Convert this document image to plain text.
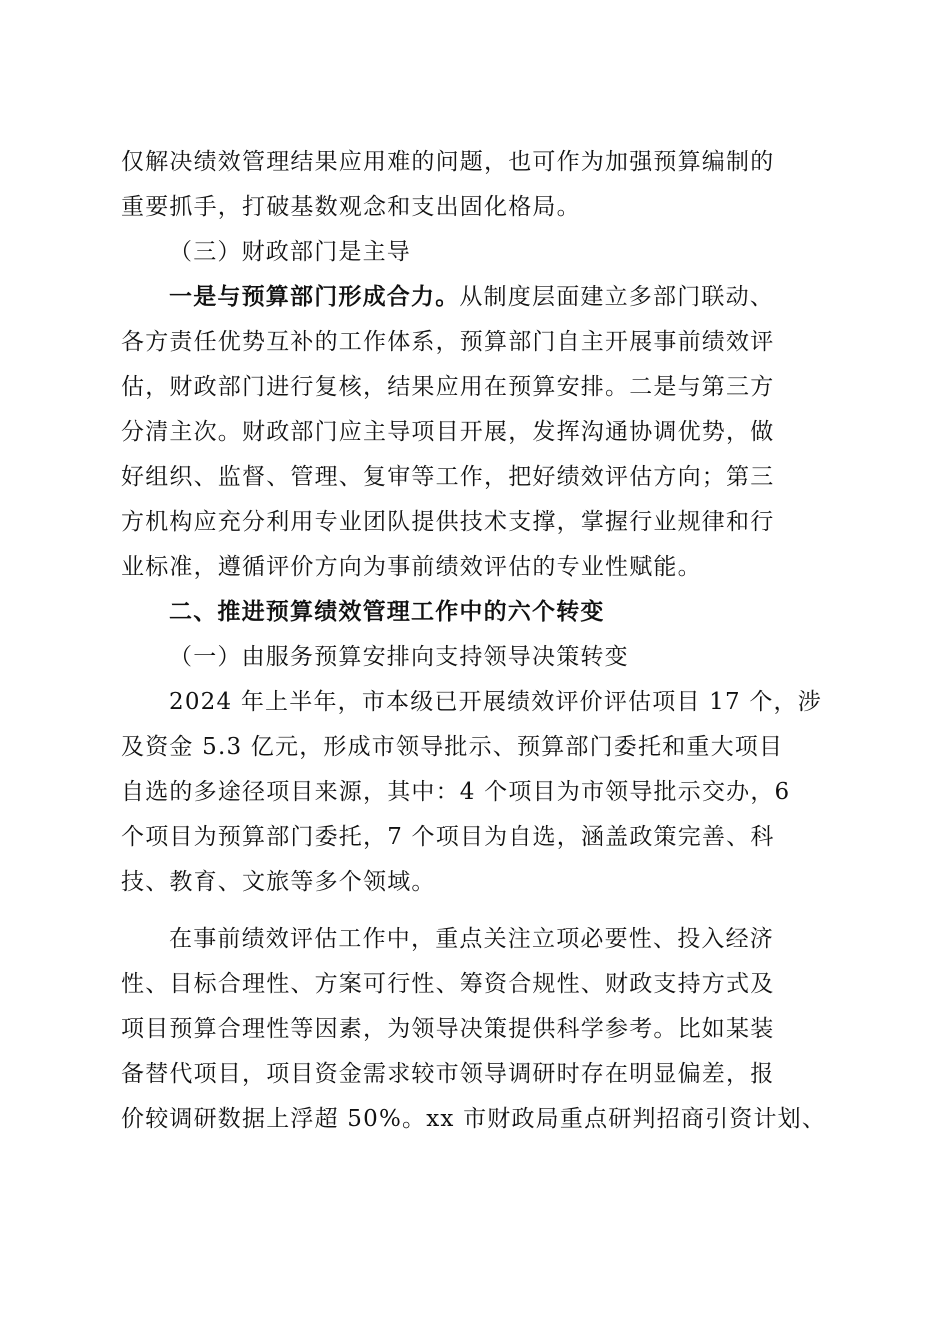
仅解决绩效管理结果应用难的问题，也可作为加强预算编制的
重要抓手，打破基数观念和支出固化格局。
（三）财政部门是主导
一是与预算部门形成合力。从制度层面建立多部门联动、
各方责任优势互补的工作体系，预算部门自主开展事前绩效评
估，财政部门进行复核，结果应用在预算安排。二是与第三方
分清主次。财政部门应主导项目开展，发挥沟通协调优势，做
好组织、监督、管理、复审等工作，把好绩效评估方向；第三
方机构应充分利用专业团队提供技术支撑，掌握行业规律和行
业标准，遵循评价方向为事前绩效评估的专业性赋能。
二、推进预算绩效管理工作中的六个转变
（一）由服务预算安排向支持领导决策转变
2024 年上半年，市本级已开展绩效评价评估项目 17 个，涉
及资金 5.3 亿元，形成市领导批示、预算部门委托和重大项目
自选的多途径项目来源，其中：4 个项目为市领导批示交办，6
个项目为预算部门委托，7 个项目为自选，涵盖政策完善、科
技、教育、文旅等多个领域。
在事前绩效评估工作中，重点关注立项必要性、投入经济
性、目标合理性、方案可行性、筹资合规性、财政支持方式及
项目预算合理性等因素，为领导决策提供科学参考。比如某装
备替代项目，项目资金需求较市领导调研时存在明显偏差，报
价较调研数据上浮超 50%。xx 市财政局重点研判招商引资计划、
